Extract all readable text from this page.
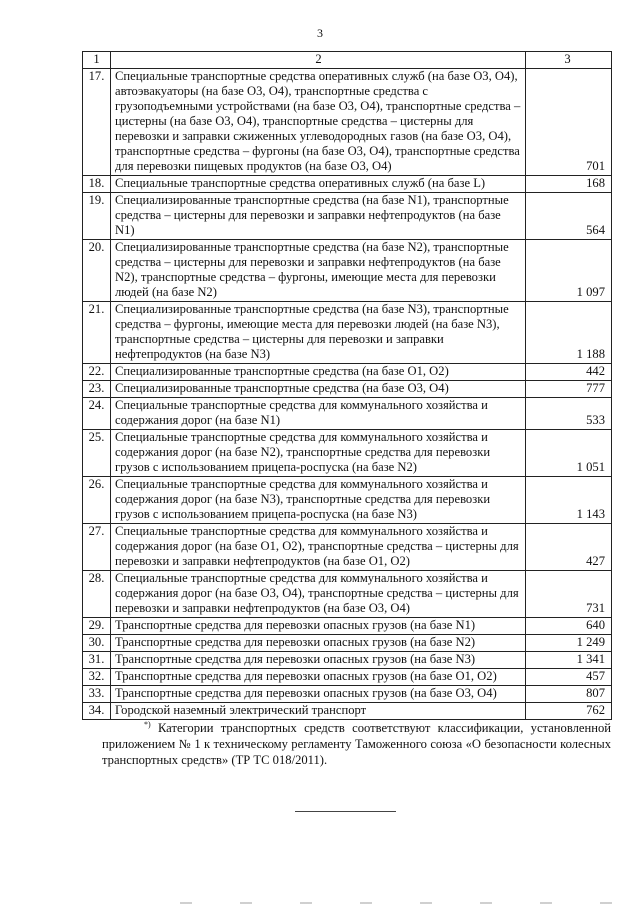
3
1	2	3
17.	Специальные транспортные средства оперативных служб (на базе O3, O4), автоэвакуаторы (на базе O3, O4), транспортные средства с грузоподъемными устройствами (на базе O3, O4), транспортные средства – цистерны (на базе O3, O4), транспортные средства – цистерны для перевозки и заправки сжиженных углеводородных газов (на базе O3, O4), транспортные средства – фургоны (на базе O3, O4), транспортные средства для перевозки пищевых продуктов (на базе O3, O4)	701
18.	Специальные транспортные средства оперативных служб (на базе L)	168
19.	Специализированные транспортные средства (на базе N1), транспортные средства – цистерны для перевозки и заправки нефтепродуктов (на базе N1)	564
20.	Специализированные транспортные средства (на базе N2), транспортные средства – цистерны для перевозки и заправки нефтепродуктов (на базе N2), транспортные средства – фургоны, имеющие места для перевозки людей (на базе N2)	1 097
21.	Специализированные транспортные средства (на базе N3), транспортные средства – фургоны, имеющие места для перевозки людей (на базе N3), транспортные средства – цистерны для перевозки и заправки нефтепродуктов (на базе N3)	1 188
22.	Специализированные транспортные средства (на базе O1, O2)	442
23.	Специализированные транспортные средства (на базе O3, O4)	777
24.	Специальные транспортные средства для коммунального хозяйства и содержания дорог (на базе N1)	533
25.	Специальные транспортные средства для коммунального хозяйства и содержания дорог (на базе N2), транспортные средства для перевозки грузов с использованием прицепа-роспуска (на базе N2)	1 051
26.	Специальные транспортные средства для коммунального хозяйства и содержания дорог (на базе N3), транспортные средства для перевозки грузов с использованием прицепа-роспуска (на базе N3)	1 143
27.	Специальные транспортные средства для коммунального хозяйства и содержания дорог (на базе O1, O2), транспортные средства – цистерны для перевозки и заправки нефтепродуктов (на базе O1, O2)	427
28.	Специальные транспортные средства для коммунального хозяйства и содержания дорог (на базе O3, O4), транспортные средства – цистерны для перевозки и заправки нефтепродуктов (на базе O3, O4)	731
29.	Транспортные средства для перевозки опасных грузов (на базе N1)	640
30.	Транспортные средства для перевозки опасных грузов (на базе N2)	1 249
31.	Транспортные средства для перевозки опасных грузов (на базе N3)	1 341
32.	Транспортные средства для перевозки опасных грузов (на базе O1, O2)	457
33.	Транспортные средства для перевозки опасных грузов (на базе O3, O4)	807
34.	Городской наземный электрический транспорт	762
*) Категории транспортных средств соответствуют классификации, установленной приложением № 1 к техническому регламенту Таможенного союза «О безопасности колесных транспортных средств» (ТР ТС 018/2011).
